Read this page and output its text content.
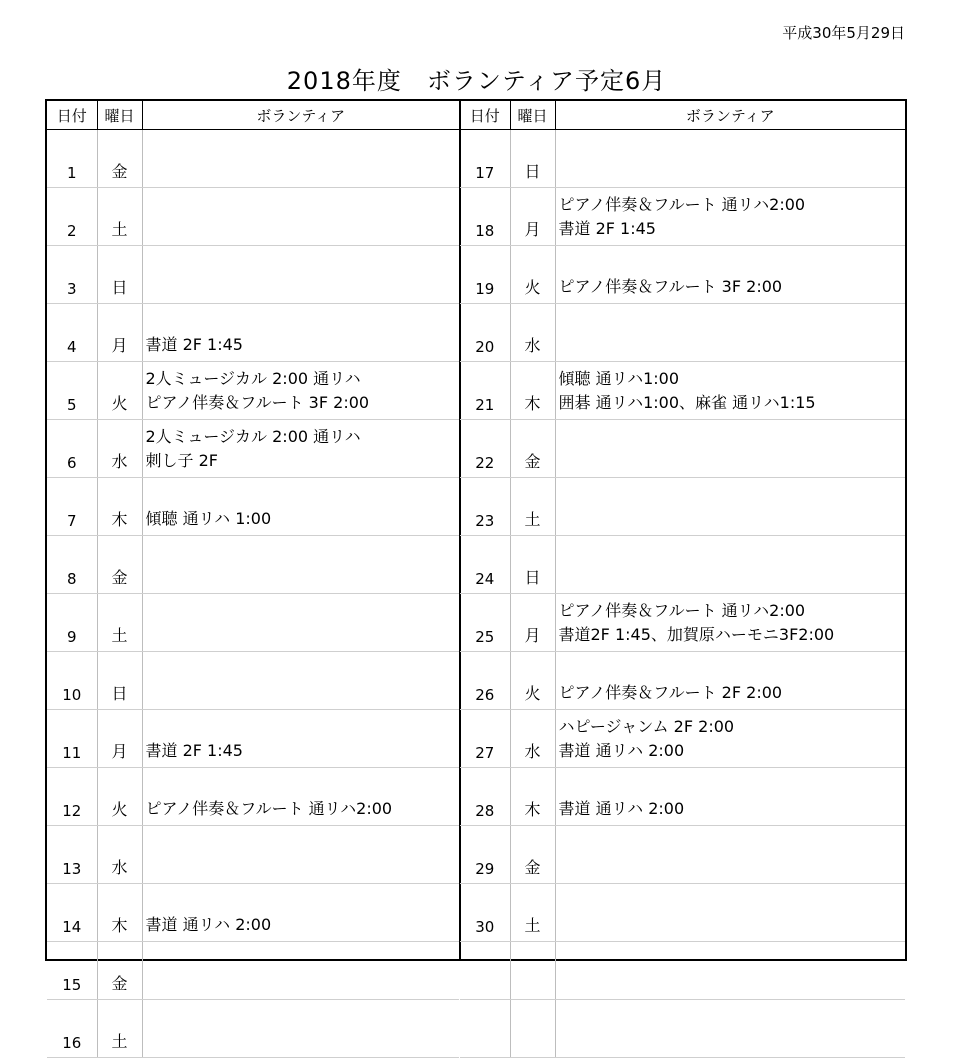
平成30年5月29日
2018年度　ボランティア予定6月
日付	曜日	ボランティア
1	金	
2	土	
3	日	
4	月	書道 2F 1:45

5	火	2人ミュージカル 2:00 通リハ
ピアノ伴奏＆フルート 3F 2:00

6	水	2人ミュージカル 2:00 通リハ
刺し子 2F

7	木	傾聴 通リハ 1:00

8	金	
9	土	
10	日	
11	月	書道 2F 1:45

12	火	ピアノ伴奏＆フルート 通リハ2:00

13	水	
14	木	書道 通リハ 2:00

15	金	
16	土	
日付	曜日	ボランティア
17	日	
18	月	ピアノ伴奏＆フルート 通リハ2:00
書道 2F 1:45

19	火	ピアノ伴奏＆フルート 3F 2:00

20	水	
21	木	傾聴 通リハ1:00
囲碁 通リハ1:00、麻雀 通リハ1:15

22	金	
23	土	
24	日	
25	月	ピアノ伴奏＆フルート 通リハ2:00
書道2F 1:45、加賀原ハーモニ3F2:00

26	火	ピアノ伴奏＆フルート 2F 2:00

27	水	ハピージャンム 2F 2:00
書道 通リハ 2:00

28	木	書道 通リハ 2:00

29	金	
30	土	
